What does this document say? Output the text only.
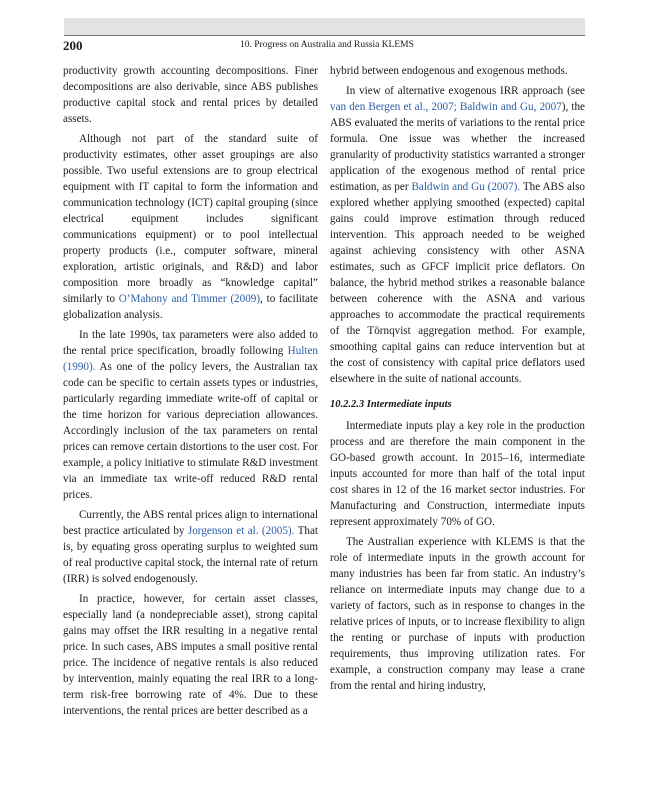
200	10. Progress on Australia and Russia KLEMS

productivity growth accounting decompositions. Finer decompositions are also derivable, since ABS publishes productive capital stock and rental prices by detailed assets.

Although not part of the standard suite of productivity estimates, other asset groupings are also possible. Two useful extensions are to group electrical equipment with IT capital to form the information and communication technology (ICT) capital grouping (since electrical equipment includes significant communications equipment) or to pool intellectual property products (i.e., computer software, mineral exploration, artistic originals, and R&D) and labor composition more broadly as “knowledge capital” similarly to O’Mahony and Timmer (2009), to facilitate globalization analysis.

In the late 1990s, tax parameters were also added to the rental price specification, broadly following Hulten (1990). As one of the policy levers, the Australian tax code can be specific to certain assets types or industries, particularly regarding immediate write-off of capital or the time horizon for various depreciation allowances. Accordingly inclusion of the tax parameters on rental prices can remove certain distortions to the user cost. For example, a policy initiative to stimulate R&D investment via an immediate tax write-off reduced R&D rental prices.

Currently, the ABS rental prices align to international best practice articulated by Jorgenson et al. (2005). That is, by equating gross operating surplus to weighted sum of real productive capital stock, the internal rate of return (IRR) is solved endogenously.

In practice, however, for certain asset classes, especially land (a nondepreciable asset), strong capital gains may offset the IRR resulting in a negative rental price. In such cases, ABS imputes a small positive rental price. The incidence of negative rentals is also reduced by intervention, mainly equating the real IRR to a long-term risk-free borrowing rate of 4%. Due to these interventions, the rental prices are better described as a

hybrid between endogenous and exogenous methods.

In view of alternative exogenous IRR approach (see van den Bergen et al., 2007; Baldwin and Gu, 2007), the ABS evaluated the merits of variations to the rental price formula. One issue was whether the increased granularity of productivity statistics warranted a stronger application of the exogenous method of rental price estimation, as per Baldwin and Gu (2007). The ABS also explored whether applying smoothed (expected) capital gains could improve estimation through reduced intervention. This approach needed to be weighed against achieving consistency with other ASNA estimates, such as GFCF implicit price deflators. On balance, the hybrid method strikes a reasonable balance between coherence with the ASNA and various approaches to accommodate the practical requirements of the Törnqvist aggregation method. For example, smoothing capital gains can reduce intervention but at the cost of consistency with capital price deflators used elsewhere in the suite of national accounts.

10.2.2.3 Intermediate inputs

Intermediate inputs play a key role in the production process and are therefore the main component in the GO-based growth account. In 2015–16, intermediate inputs accounted for more than half of the total input cost shares in 12 of the 16 market sector industries. For Manufacturing and Construction, intermediate inputs represent approximately 70% of GO.

The Australian experience with KLEMS is that the role of intermediate inputs in the growth account for many industries has been far from static. An industry’s reliance on intermediate inputs may change due to a variety of factors, such as in response to changes in the relative prices of inputs, or to increase flexibility to align the renting or purchase of inputs with production requirements, thus improving utilization rates. For example, a construction company may lease a crane from the rental and hiring industry,
